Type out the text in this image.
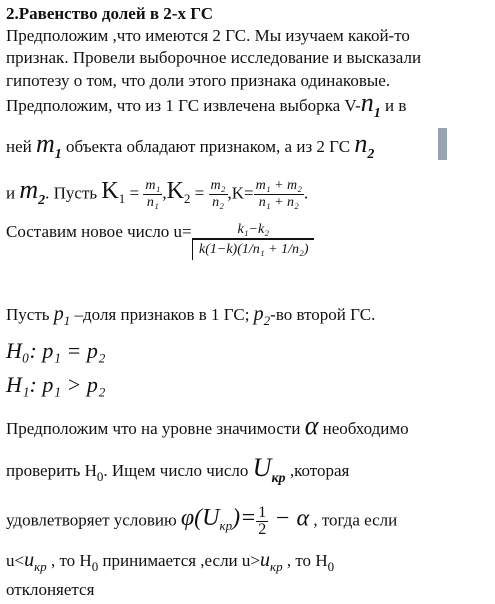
2.Равенство долей в 2-х ГС
Предположим ,что имеются 2 ГС. Мы изучаем какой-то
признак. Провели выборочное исследование и высказали
гипотезу о том, что доли этого признака одинаковые.
Предположим, что из 1 ГС извлечена выборка $V-n_1$ и в
ней $m_1$ объекта обладают признаком, а из 2 ГС $n_2$
и $m_2$. Пусть $K_1 = \frac{\text{m₁}}{\text{n₁}} ,K_2 = \frac{\text{m₂}}{\text{n₂}} ,K= \frac{\text{m₁ + m₂}}{\text{n₁ + n₂}}$ .
Составим новое число $u= \frac{\text{k₁−k₂}}{\text{k(1−k)(1/n₁ + 1/n₂)}}$
Пусть $p_1$ –доля признаков в 1 ГС; $p_2-во$ второй ГС.
H₀: p₁ = p₂
H₁: p₁ > p₂
Предположим что на уровне значимости α необходимо
проверить $H_0$. Ищем число число $U_{кр}$ ,которая
удовлетворяет условию $\varphi(U_{кр})= \frac{1}{2} - \alpha$ , тогда если
$u<u_{кр}$ , то $H_0$ принимается ,если $u>u_{кр}$ , то $H_0$
отклоняется
